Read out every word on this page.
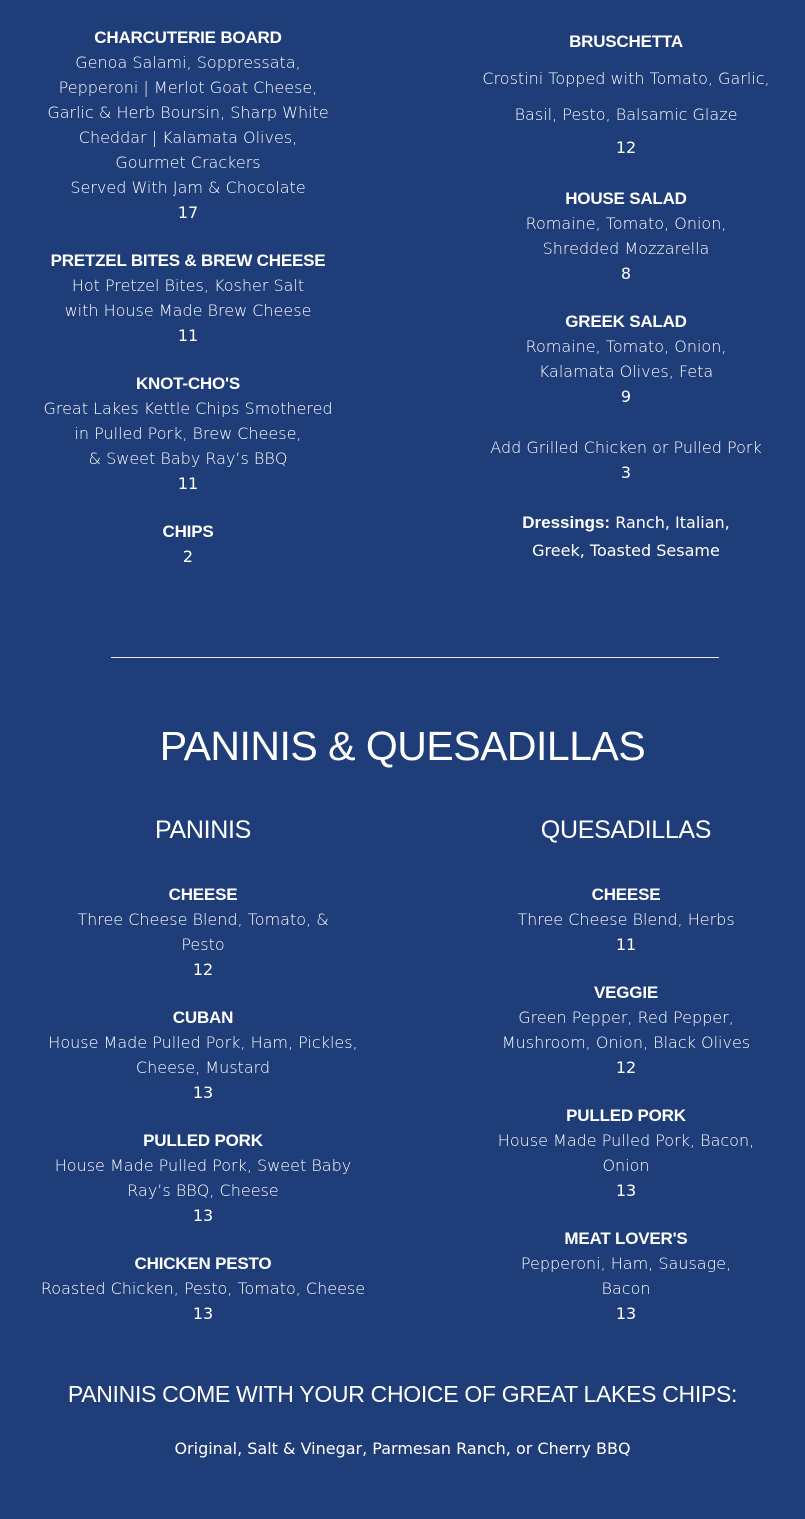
CHARCUTERIE BOARD
Genoa Salami, Soppressata,
Pepperoni | Merlot Goat Cheese,
Garlic & Herb Boursin, Sharp White
Cheddar | Kalamata Olives,
Gourmet Crackers
Served With Jam & Chocolate
17
PRETZEL BITES & BREW CHEESE
Hot Pretzel Bites, Kosher Salt
with House Made Brew Cheese
11
KNOT-CHO'S
Great Lakes Kettle Chips Smothered
in Pulled Pork, Brew Cheese,
& Sweet Baby Ray’s BBQ
11
CHIPS
2
BRUSCHETTA
Crostini Topped with Tomato, Garlic,
Basil, Pesto, Balsamic Glaze
12
HOUSE SALAD
Romaine, Tomato, Onion,
Shredded Mozzarella
8
GREEK SALAD
Romaine, Tomato, Onion,
Kalamata Olives, Feta
9
Add Grilled Chicken or Pulled Pork
3
Dressings: Ranch, Italian,
Greek, Toasted Sesame
PANINIS & QUESADILLAS
PANINIS
CHEESE
Three Cheese Blend, Tomato, &
Pesto
12
CUBAN
House Made Pulled Pork, Ham, Pickles,
Cheese, Mustard
13
PULLED PORK
House Made Pulled Pork, Sweet Baby
Ray’s BBQ, Cheese
13
CHICKEN PESTO
Roasted Chicken, Pesto, Tomato, Cheese
13
QUESADILLAS
CHEESE
Three Cheese Blend, Herbs
11
VEGGIE
Green Pepper, Red Pepper,
Mushroom, Onion, Black Olives
12
PULLED PORK
House Made Pulled Pork, Bacon,
Onion
13
MEAT LOVER'S
Pepperoni, Ham, Sausage,
Bacon
13
PANINIS COME WITH YOUR CHOICE OF GREAT LAKES CHIPS:
Original, Salt & Vinegar, Parmesan Ranch, or Cherry BBQ
